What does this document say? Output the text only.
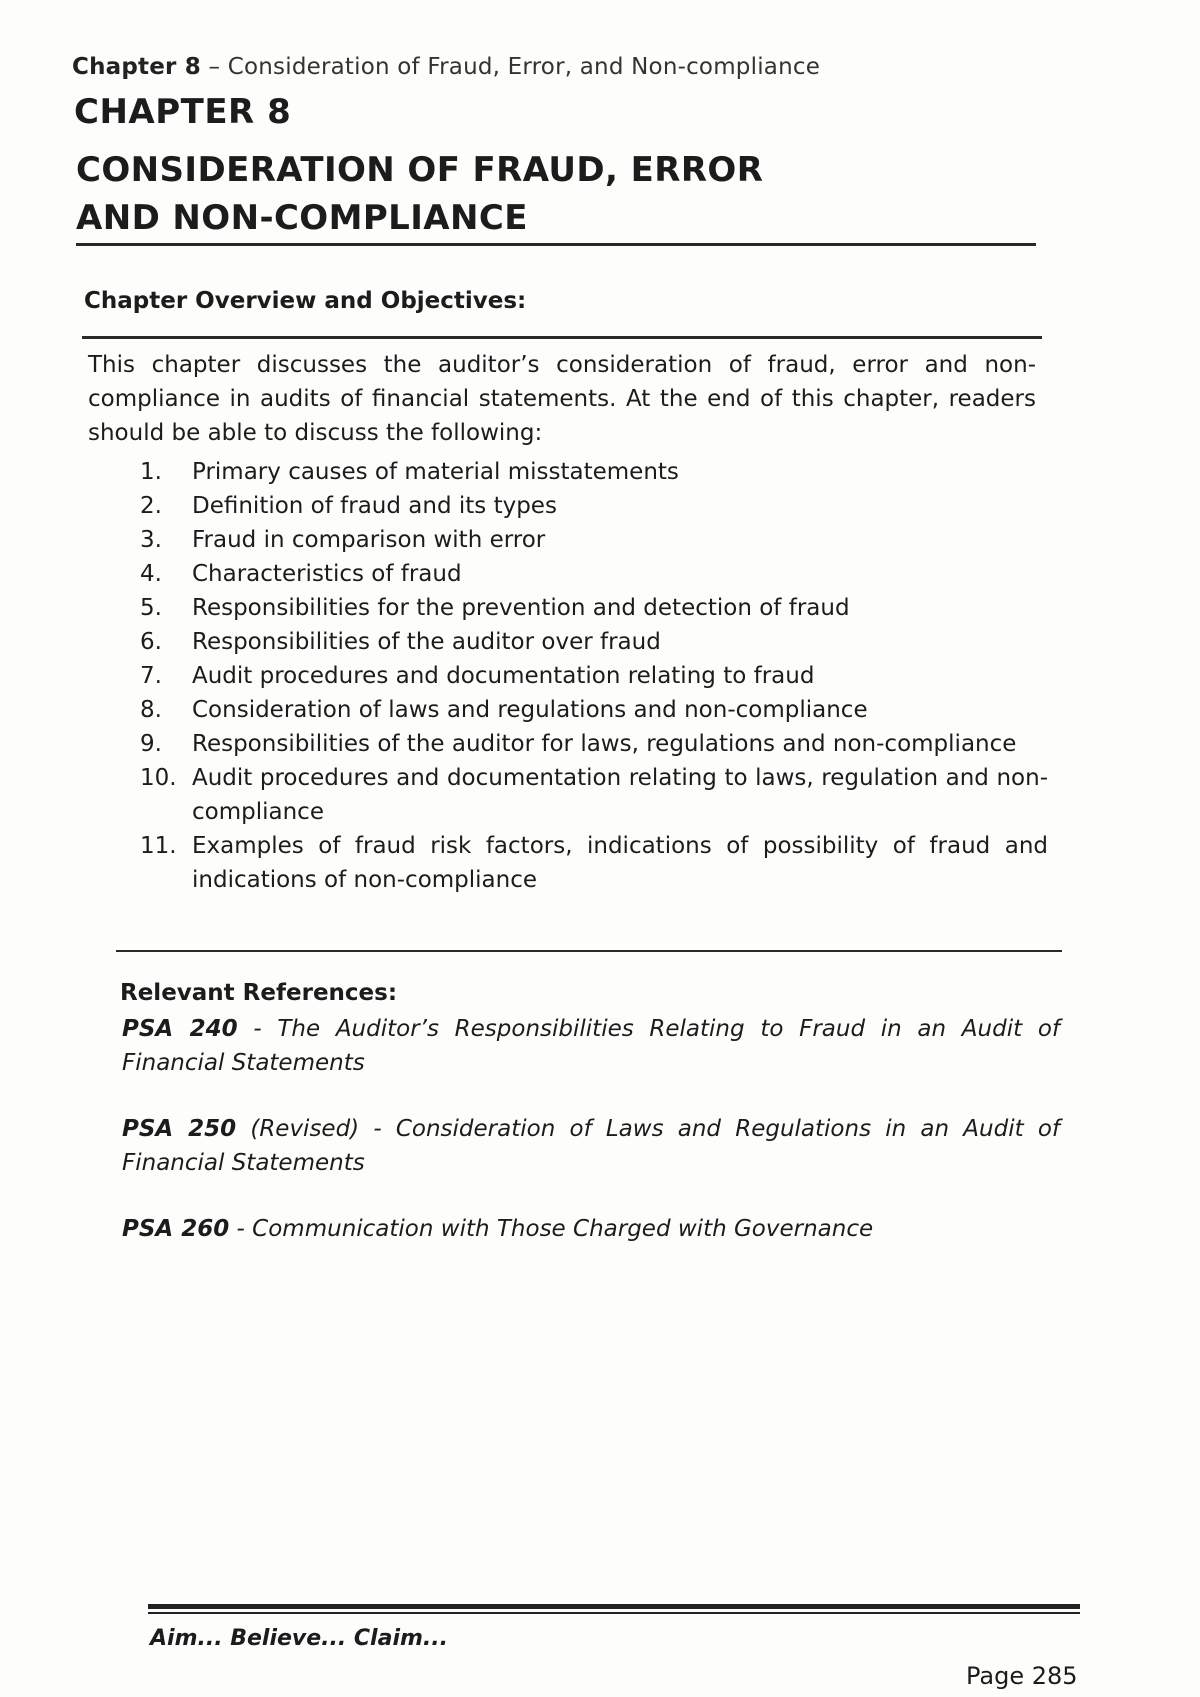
Chapter 8 – Consideration of Fraud, Error, and Non-compliance
CHAPTER 8
CONSIDERATION OF FRAUD, ERROR
AND NON-COMPLIANCE
Chapter Overview and Objectives:
This chapter discusses the auditor’s consideration of fraud, error and non-compliance in audits of financial statements. At the end of this chapter, readers should be able to discuss the following:
1.	Primary causes of material misstatements
2.	Definition of fraud and its types
3.	Fraud in comparison with error
4.	Characteristics of fraud
5.	Responsibilities for the prevention and detection of fraud
6.	Responsibilities of the auditor over fraud
7.	Audit procedures and documentation relating to fraud
8.	Consideration of laws and regulations and non-compliance
9.	Responsibilities of the auditor for laws, regulations and non-compliance
10. Audit procedures and documentation relating to laws, regulation and non-compliance
11. Examples of fraud risk factors, indications of possibility of fraud and indications of non-compliance
Relevant References:
PSA 240 - The Auditor’s Responsibilities Relating to Fraud in an Audit of Financial Statements
PSA 250 (Revised) - Consideration of Laws and Regulations in an Audit of Financial Statements
PSA 260 - Communication with Those Charged with Governance
Aim... Believe... Claim...
Page 285
